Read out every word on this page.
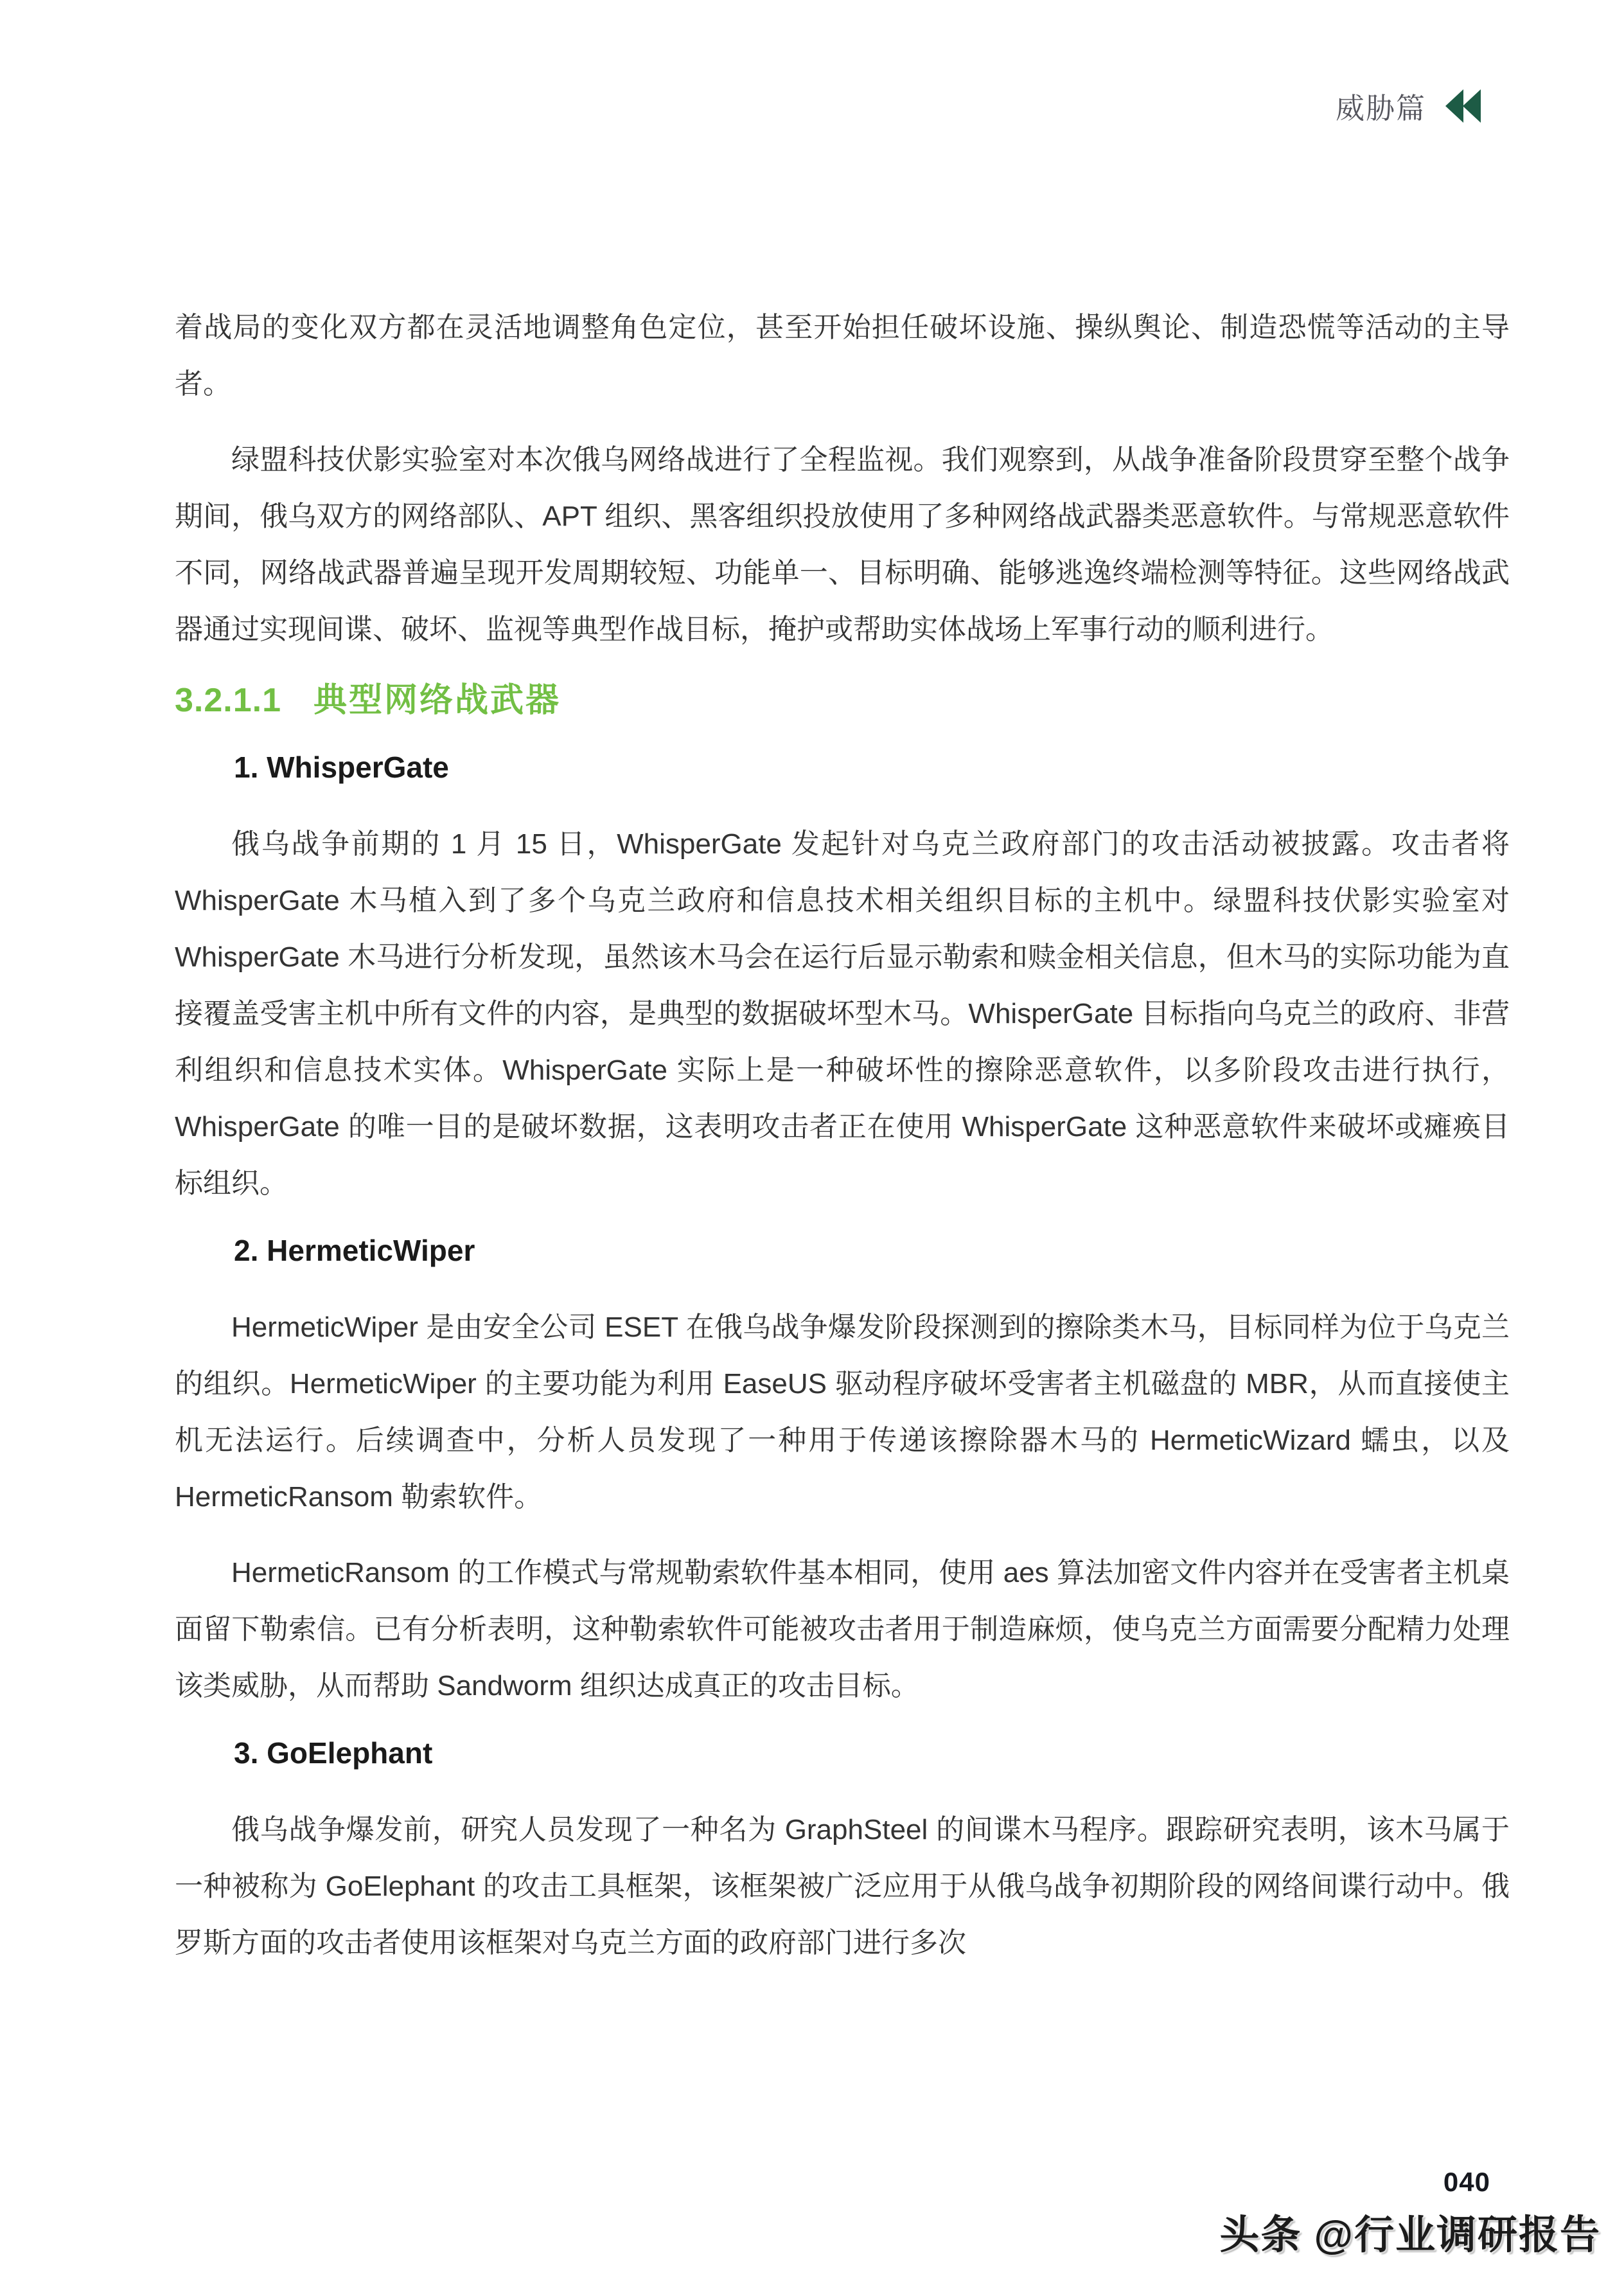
威胁篇

着战局的变化双方都在灵活地调整角色定位，甚至开始担任破坏设施、操纵舆论、制造恐慌等活动的主导者。

绿盟科技伏影实验室对本次俄乌网络战进行了全程监视。我们观察到，从战争准备阶段贯穿至整个战争期间，俄乌双方的网络部队、APT 组织、黑客组织投放使用了多种网络战武器类恶意软件。与常规恶意软件不同，网络战武器普遍呈现开发周期较短、功能单一、目标明确、能够逃逸终端检测等特征。这些网络战武器通过实现间谍、破坏、监视等典型作战目标，掩护或帮助实体战场上军事行动的顺利进行。

3.2.1.1 典型网络战武器
1. WhisperGate

俄乌战争前期的 1 月 15 日，WhisperGate 发起针对乌克兰政府部门的攻击活动被披露。攻击者将 WhisperGate 木马植入到了多个乌克兰政府和信息技术相关组织目标的主机中。绿盟科技伏影实验室对 WhisperGate 木马进行分析发现，虽然该木马会在运行后显示勒索和赎金相关信息，但木马的实际功能为直接覆盖受害主机中所有文件的内容，是典型的数据破坏型木马。WhisperGate 目标指向乌克兰的政府、非营利组织和信息技术实体。WhisperGate 实际上是一种破坏性的擦除恶意软件，以多阶段攻击进行执行，WhisperGate 的唯一目的是破坏数据，这表明攻击者正在使用 WhisperGate 这种恶意软件来破坏或瘫痪目标组织。

2. HermeticWiper

HermeticWiper 是由安全公司 ESET 在俄乌战争爆发阶段探测到的擦除类木马，目标同样为位于乌克兰的组织。HermeticWiper 的主要功能为利用 EaseUS 驱动程序破坏受害者主机磁盘的 MBR，从而直接使主机无法运行。后续调查中，分析人员发现了一种用于传递该擦除器木马的 HermeticWizard 蠕虫，以及 HermeticRansom 勒索软件。

HermeticRansom 的工作模式与常规勒索软件基本相同，使用 aes 算法加密文件内容并在受害者主机桌面留下勒索信。已有分析表明，这种勒索软件可能被攻击者用于制造麻烦，使乌克兰方面需要分配精力处理该类威胁，从而帮助 Sandworm 组织达成真正的攻击目标。

3. GoElephant

俄乌战争爆发前，研究人员发现了一种名为 GraphSteel 的间谍木马程序。跟踪研究表明，该木马属于一种被称为 GoElephant 的攻击工具框架，该框架被广泛应用于从俄乌战争初期阶段的网络间谍行动中。俄罗斯方面的攻击者使用该框架对乌克兰方面的政府部门进行多次

040
头条 @行业调研报告
